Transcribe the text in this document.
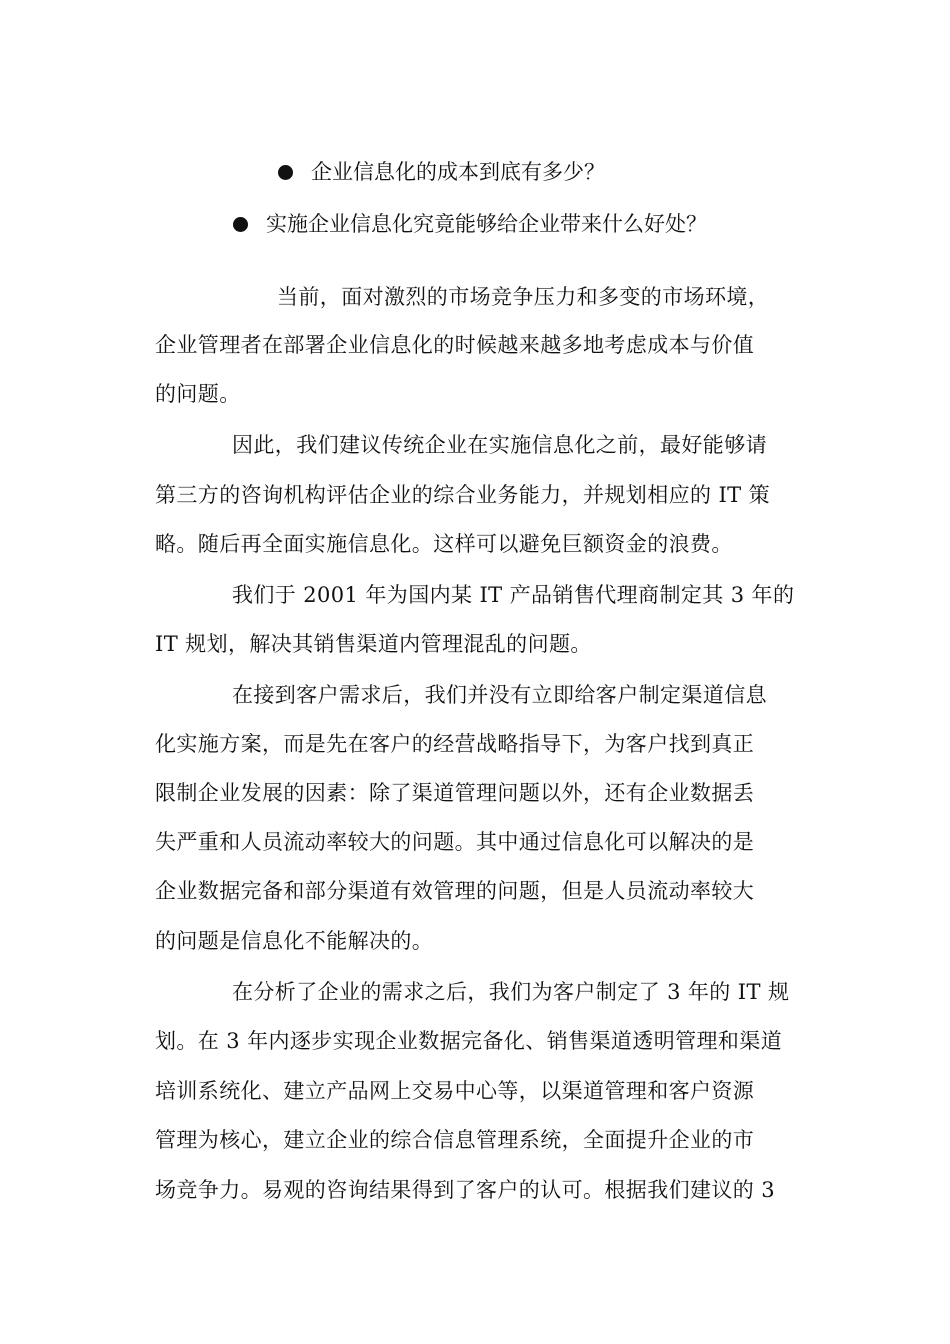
企业信息化的成本到底有多少？
实施企业信息化究竟能够给企业带来什么好处？
当前，面对激烈的市场竞争压力和多变的市场环境，
企业管理者在部署企业信息化的时候越来越多地考虑成本与价值
的问题。
因此，我们建议传统企业在实施信息化之前，最好能够请
第三方的咨询机构评估企业的综合业务能力，并规划相应的 IT 策
略。随后再全面实施信息化。这样可以避免巨额资金的浪费。
我们于 2001 年为国内某 IT 产品销售代理商制定其 3 年的
IT 规划，解决其销售渠道内管理混乱的问题。
在接到客户需求后，我们并没有立即给客户制定渠道信息
化实施方案，而是先在客户的经营战略指导下，为客户找到真正
限制企业发展的因素：除了渠道管理问题以外，还有企业数据丢
失严重和人员流动率较大的问题。其中通过信息化可以解决的是
企业数据完备和部分渠道有效管理的问题，但是人员流动率较大
的问题是信息化不能解决的。
在分析了企业的需求之后，我们为客户制定了 3 年的 IT 规
划。在 3 年内逐步实现企业数据完备化、销售渠道透明管理和渠道
培训系统化、建立产品网上交易中心等，以渠道管理和客户资源
管理为核心，建立企业的综合信息管理系统，全面提升企业的市
场竞争力。易观的咨询结果得到了客户的认可。根据我们建议的 3
